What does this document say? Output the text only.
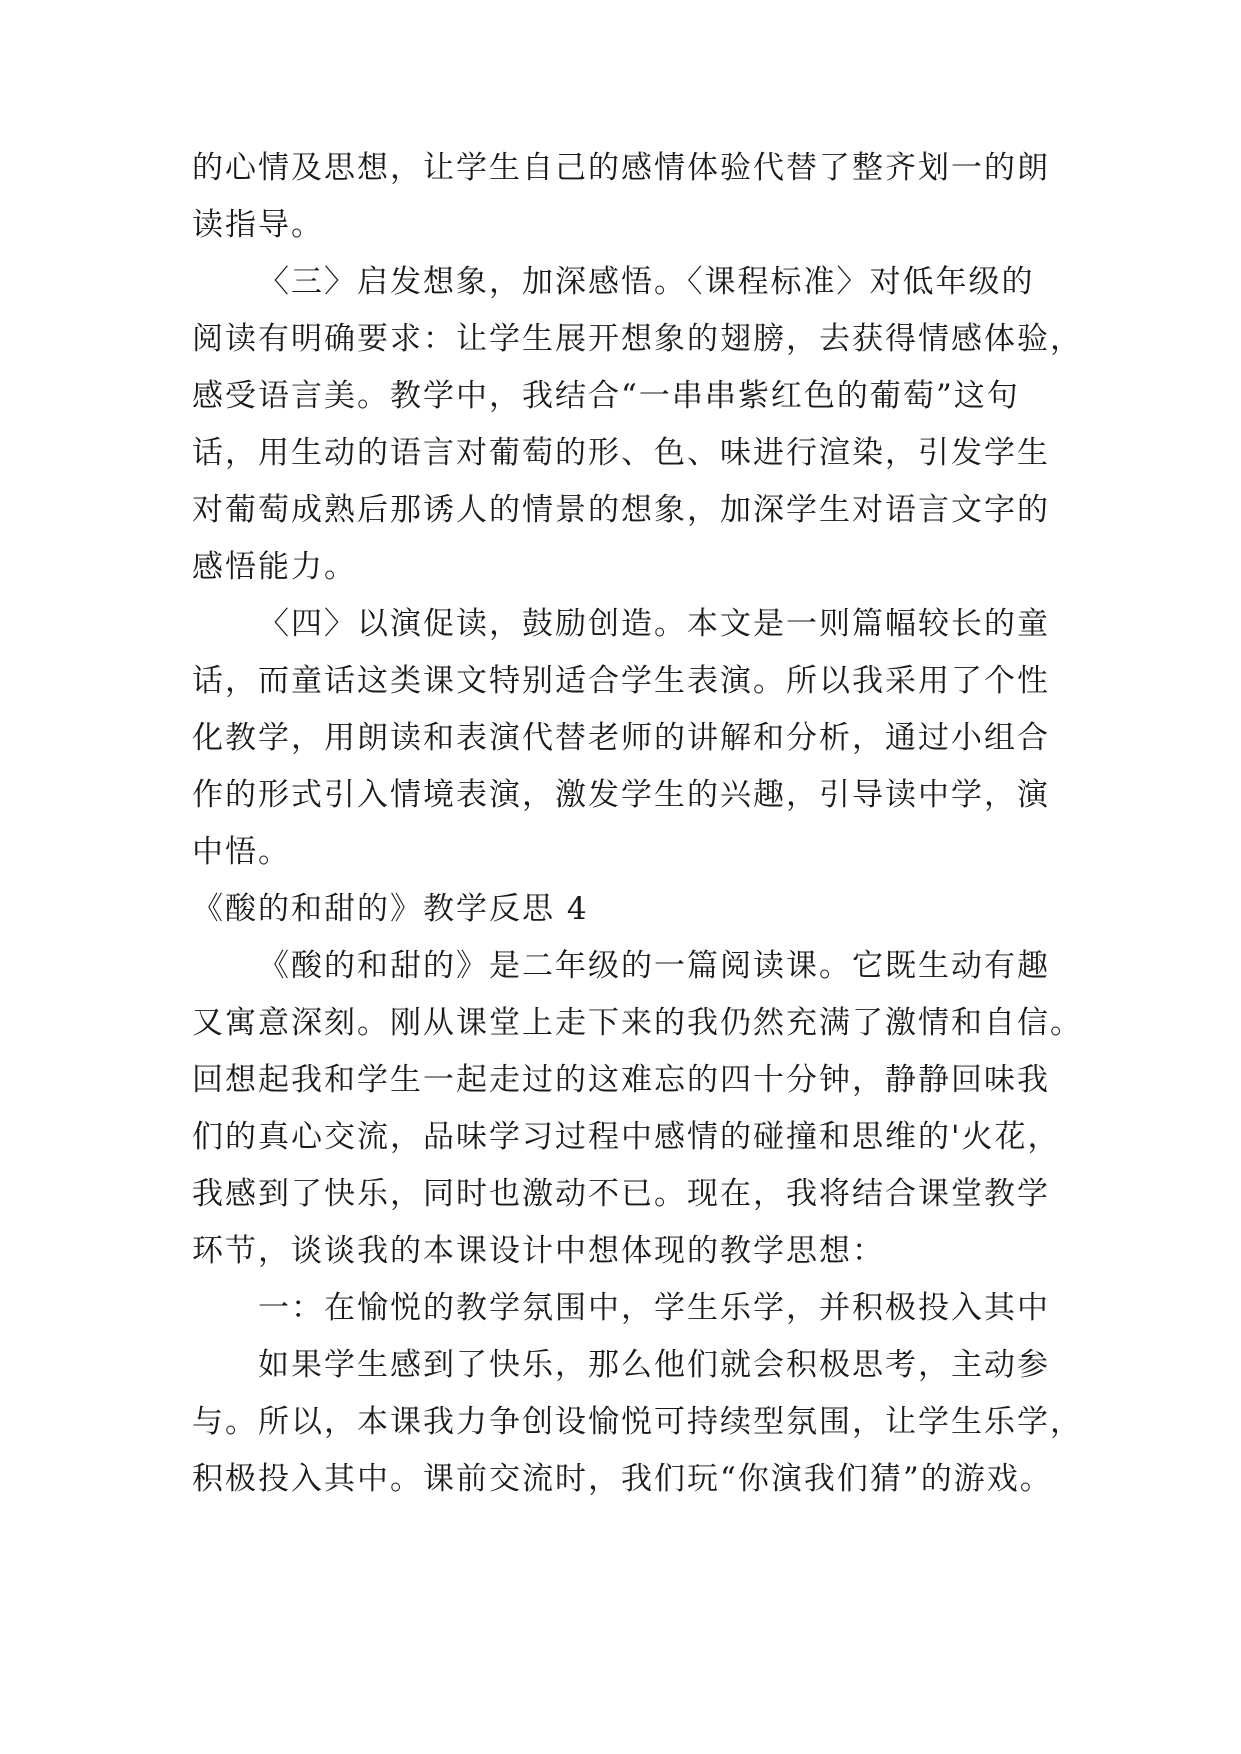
的心情及思想，让学生自己的感情体验代替了整齐划一的朗

读指导。

〈三〉启发想象，加深感悟。〈课程标准〉对低年级的

阅读有明确要求：让学生展开想象的翅膀，去获得情感体验，

感受语言美。教学中，我结合“一串串紫红色的葡萄”这句

话，用生动的语言对葡萄的形、色、味进行渲染，引发学生

对葡萄成熟后那诱人的情景的想象，加深学生对语言文字的

感悟能力。

〈四〉以演促读，鼓励创造。本文是一则篇幅较长的童

话，而童话这类课文特别适合学生表演。所以我采用了个性

化教学，用朗读和表演代替老师的讲解和分析，通过小组合

作的形式引入情境表演，激发学生的兴趣，引导读中学，演

中悟。

《酸的和甜的》教学反思 4

《酸的和甜的》是二年级的一篇阅读课。它既生动有趣

又寓意深刻。刚从课堂上走下来的我仍然充满了激情和自信。

回想起我和学生一起走过的这难忘的四十分钟，静静回味我

们的真心交流，品味学习过程中感情的碰撞和思维的'火花，

我感到了快乐，同时也激动不已。现在，我将结合课堂教学

环节，谈谈我的本课设计中想体现的教学思想：

一：在愉悦的教学氛围中，学生乐学，并积极投入其中

如果学生感到了快乐，那么他们就会积极思考，主动参

与。所以，本课我力争创设愉悦可持续型氛围，让学生乐学，

积极投入其中。课前交流时，我们玩“你演我们猜”的游戏。
